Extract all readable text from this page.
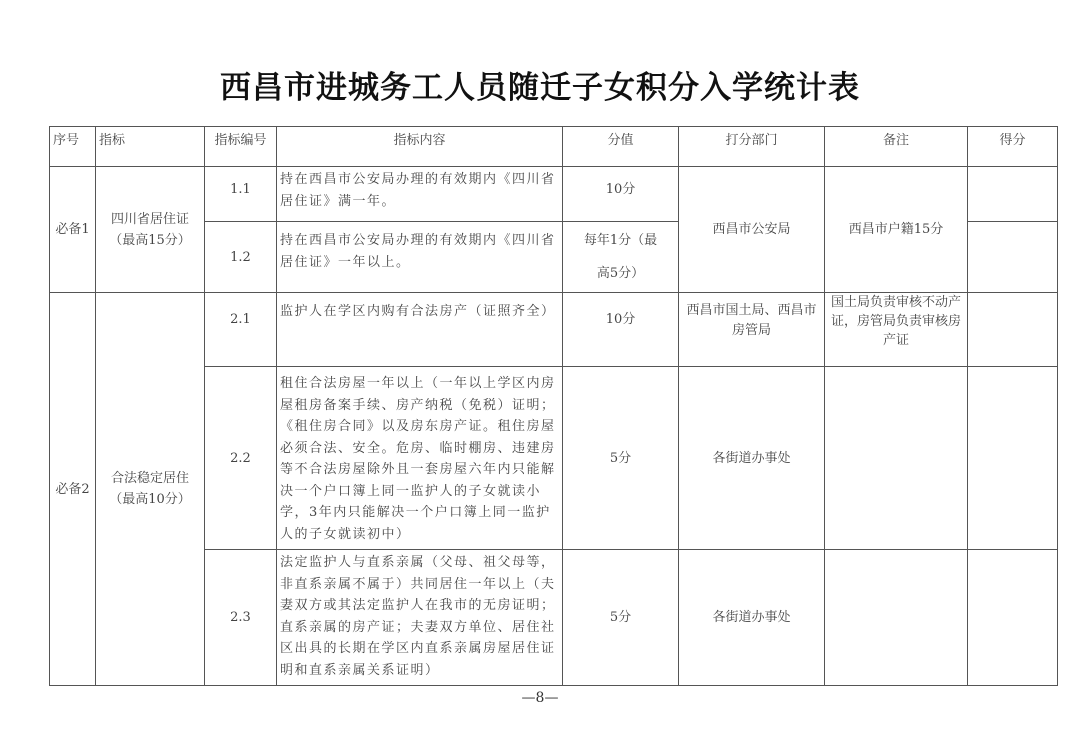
西昌市进城务工人员随迁子女积分入学统计表
序号	指标	指标编号	指标内容	分值	打分部门	备注	得分
必备1	四川省居住证（最高15分）	1.1	持在西昌市公安局办理的有效期内《四川省居住证》满一年。	10分	西昌市公安局	西昌市户籍15分	
		1.2	持在西昌市公安局办理的有效期内《四川省居住证》一年以上。	每年1分（最高5分）			
必备2	合法稳定居住（最高10分）	2.1	监护人在学区内购有合法房产（证照齐全）	10分	西昌市国土局、西昌市房管局	国土局负责审核不动产证，房管局负责审核房产证	
		2.2	租住合法房屋一年以上（一年以上学区内房屋租房备案手续、房产纳税（免税）证明；《租住房合同》以及房东房产证。租住房屋必须合法、安全。危房、临时棚房、违建房等不合法房屋除外且一套房屋六年内只能解决一个户口簿上同一监护人的子女就读小学，3年内只能解决一个户口簿上同一监护人的子女就读初中）	5分	各街道办事处		
		2.3	法定监护人与直系亲属（父母、祖父母等，非直系亲属不属于）共同居住一年以上（夫妻双方或其法定监护人在我市的无房证明；直系亲属的房产证；夫妻双方单位、居住社区出具的长期在学区内直系亲属房屋居住证明和直系亲属关系证明）	5分	各街道办事处		
—8—
